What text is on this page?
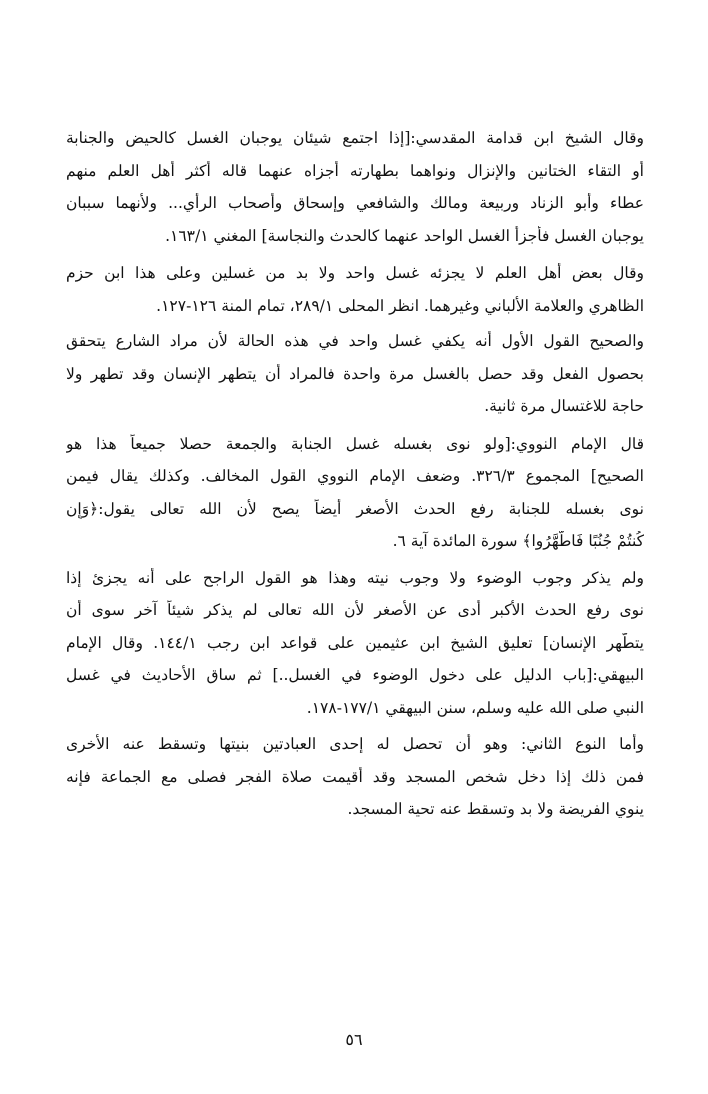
وقال الشيخ ابن قدامة المقدسي:[إذا اجتمع شيئان يوجبان الغسل كالحيض والجنابة
أو التقاء الختانين والإنزال ونواهما بطهارته أجزاه عنهما قاله أكثر أهل العلم منهم
عطاء وأبو الزناد وربيعة ومالك والشافعي وإسحاق وأصحاب الرأي... ولأنهما سببان
يوجبان الغسل فأجزأ الغسل الواحد عنهما كالحدث والنجاسة] المغني ١٦٣/١.
وقال بعض أهل العلم لا يجزئه غسل واحد ولا بد من غسلين وعلى هذا ابن حزم
الظاهري والعلامة الألباني وغيرهما. انظر المحلى ٢٨٩/١، تمام المنة ١٢٦-١٢٧.
والصحيح القول الأول أنه يكفي غسل واحد في هذه الحالة لأن مراد الشارع يتحقق
بحصول الفعل وقد حصل بالغسل مرة واحدة فالمراد أن يتطهر الإنسان وقد تطهر ولا
حاجة للاغتسال مرة ثانية.
قال الإمام النووي:[ولو نوى بغسله غسل الجنابة والجمعة حصلا جميعاً هذا هو
الصحيح] المجموع ٣٢٦/٣. وضعف الإمام النووي القول المخالف. وكذلك يقال فيمن
نوى بغسله للجنابة رفع الحدث الأصغر أيضاً يصح لأن الله تعالى يقول:﴿وَإِن
كُنتُمْ جُنُبًا فَاطَّهَّرُوا﴾ سورة المائدة آية ٦.
ولم يذكر وجوب الوضوء ولا وجوب نيته وهذا هو القول الراجح على أنه يجزئ إذا
نوى رفع الحدث الأكبر أدى عن الأصغر لأن الله تعالى لم يذكر شيئاً آخر سوى أن
يتطَّهر الإنسان] تعليق الشيخ ابن عثيمين على قواعد ابن رجب ١٤٤/١. وقال الإمام
البيهقي:[باب الدليل على دخول الوضوء في الغسل..] ثم ساق الأحاديث في غسل
النبي صلى الله عليه وسلم، سنن البيهقي ١٧٧/١-١٧٨.
وأما النوع الثاني: وهو أن تحصل له إحدى العبادتين بنيتها وتسقط عنه الأخرى
فمن ذلك إذا دخل شخص المسجد وقد أقيمت صلاة الفجر فصلى مع الجماعة فإنه
ينوي الفريضة ولا بد وتسقط عنه تحية المسجد.
٥٦
